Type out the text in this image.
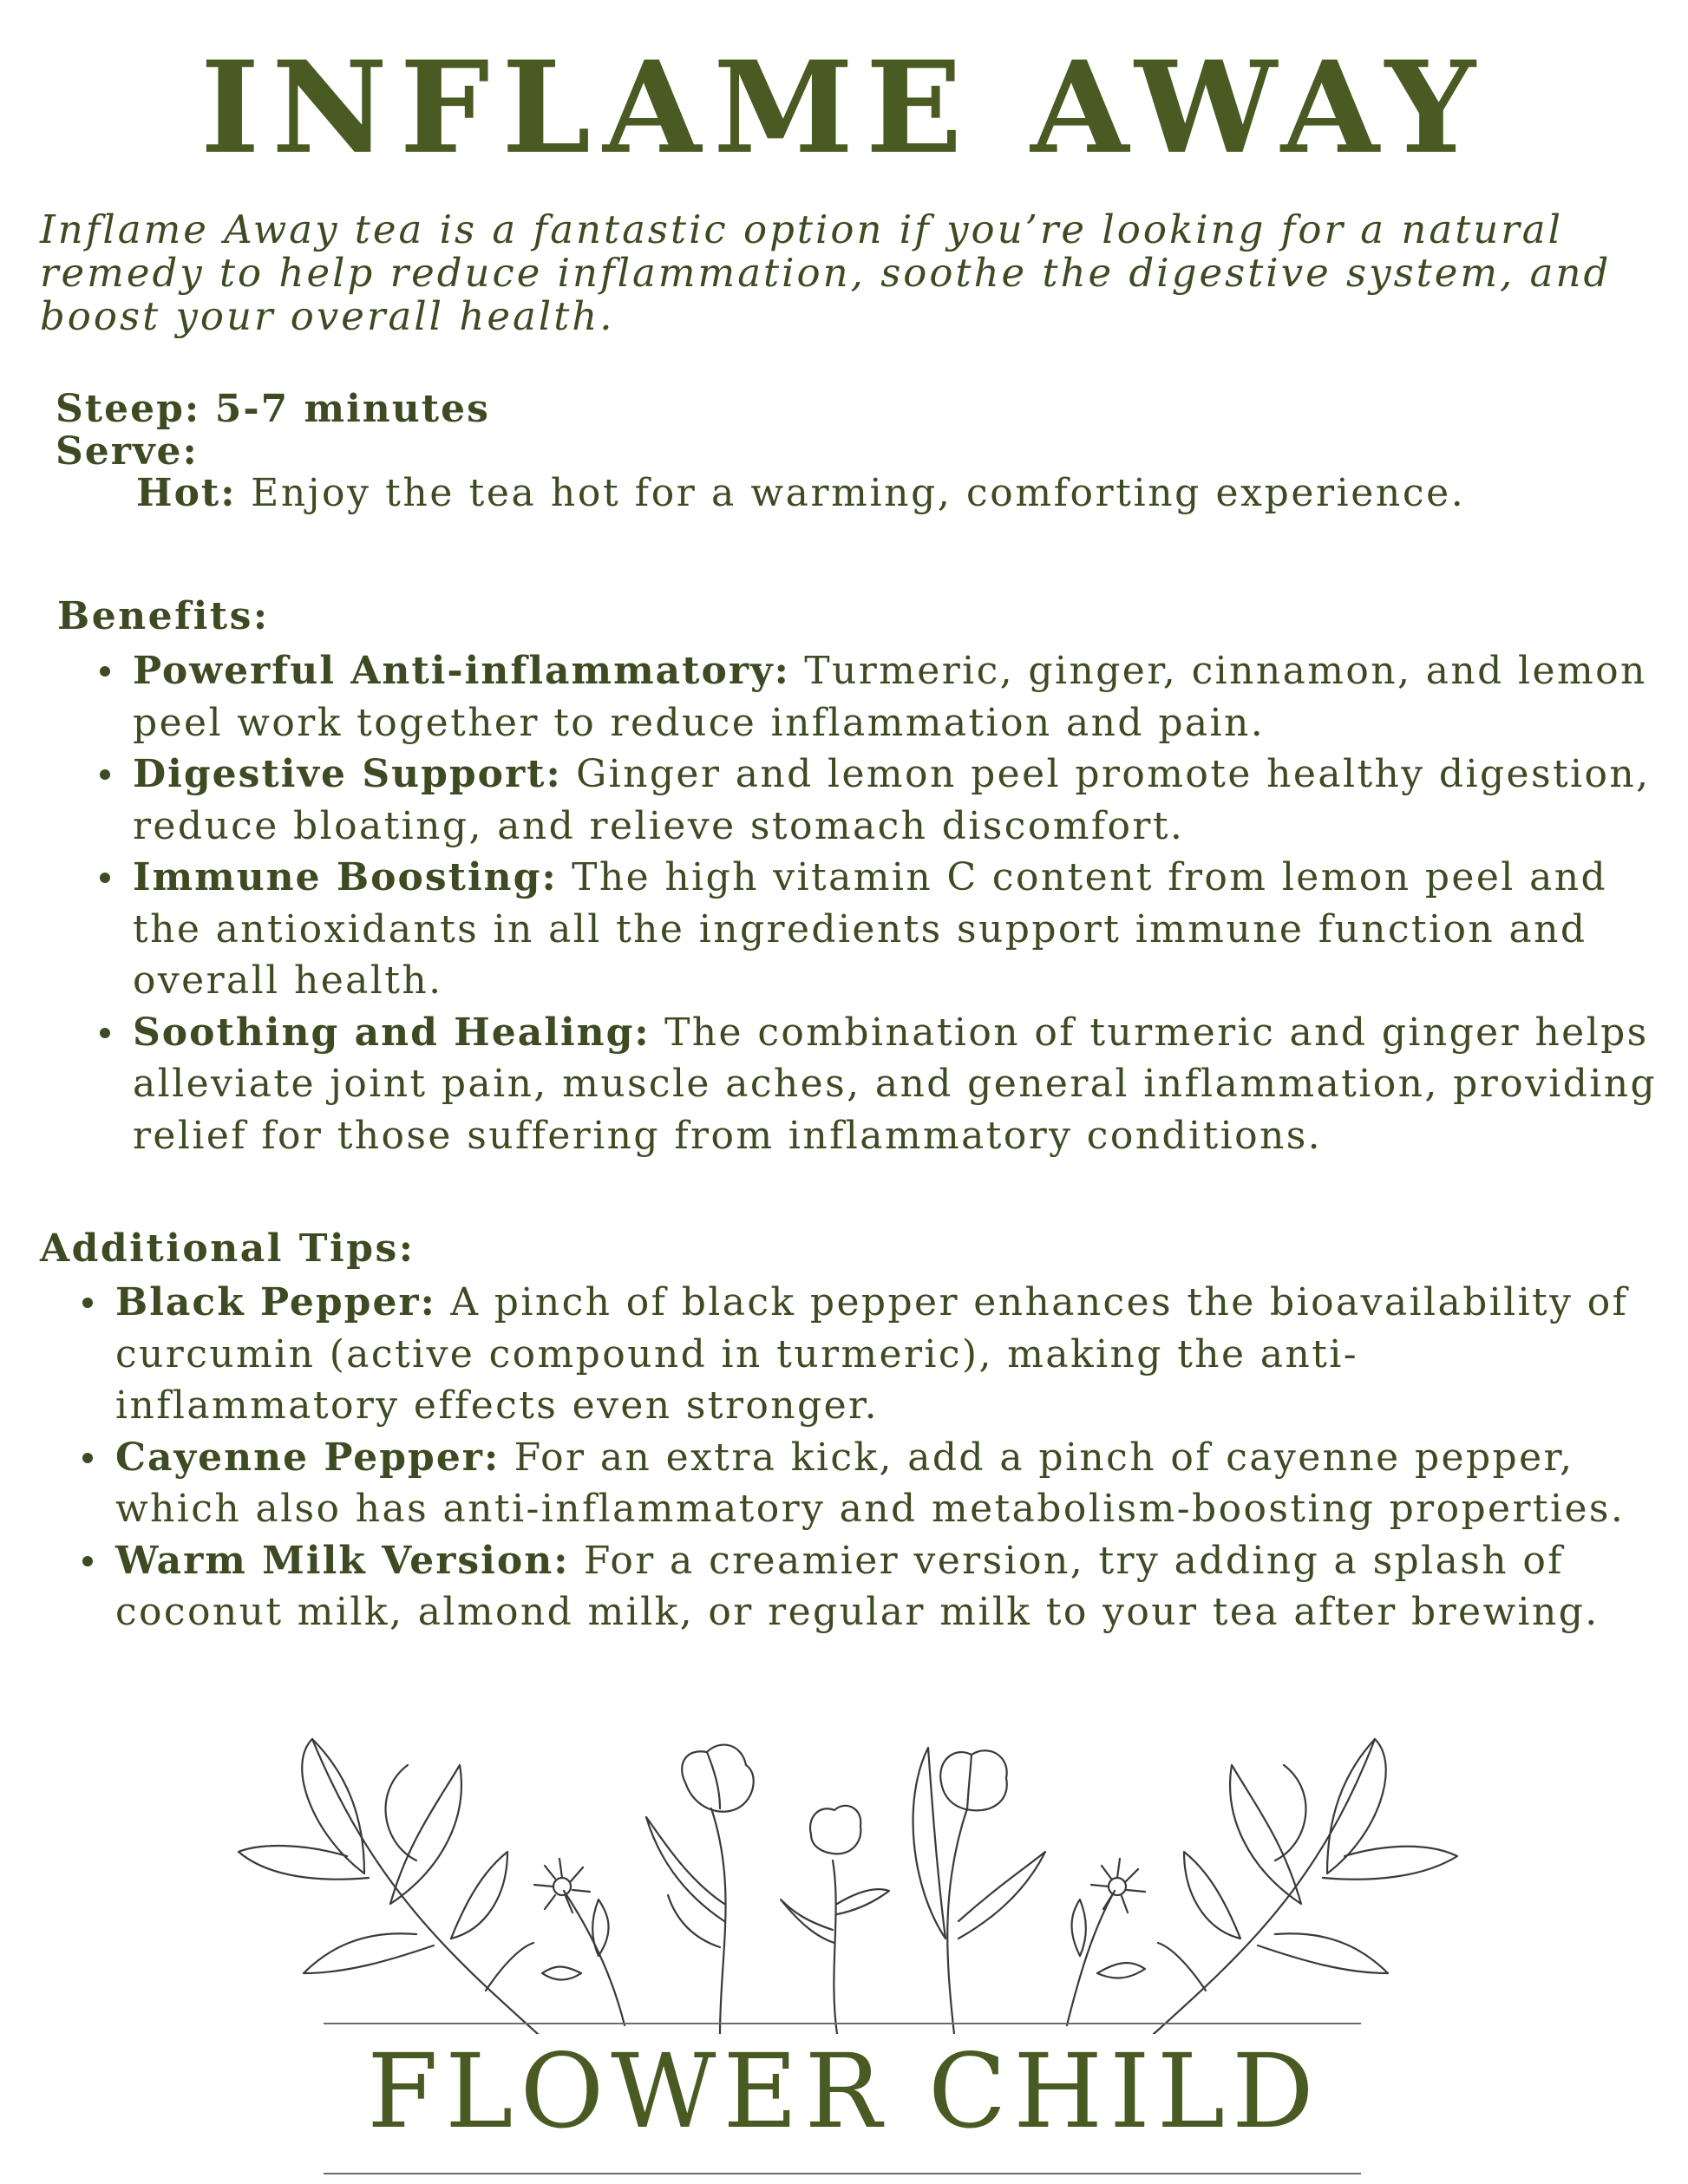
INFLAME AWAY
Inflame Away tea is a fantastic option if you’re looking for a natural remedy to help reduce inflammation, soothe the digestive system, and boost your overall health.
Steep: 5-7 minutes
Serve:
Hot: Enjoy the tea hot for a warming, comforting experience.
Benefits:
Powerful Anti-inflammatory: Turmeric, ginger, cinnamon, and lemon peel work together to reduce inflammation and pain.
Digestive Support: Ginger and lemon peel promote healthy digestion, reduce bloating, and relieve stomach discomfort.
Immune Boosting: The high vitamin C content from lemon peel and the antioxidants in all the ingredients support immune function and overall health.
Soothing and Healing: The combination of turmeric and ginger helps alleviate joint pain, muscle aches, and general inflammation, providing relief for those suffering from inflammatory conditions.
Additional Tips:
Black Pepper: A pinch of black pepper enhances the bioavailability of curcumin (active compound in turmeric), making the anti-inflammatory effects even stronger.
Cayenne Pepper: For an extra kick, add a pinch of cayenne pepper, which also has anti-inflammatory and metabolism-boosting properties.
Warm Milk Version: For a creamier version, try adding a splash of coconut milk, almond milk, or regular milk to your tea after brewing.
FLOWER CHILD
